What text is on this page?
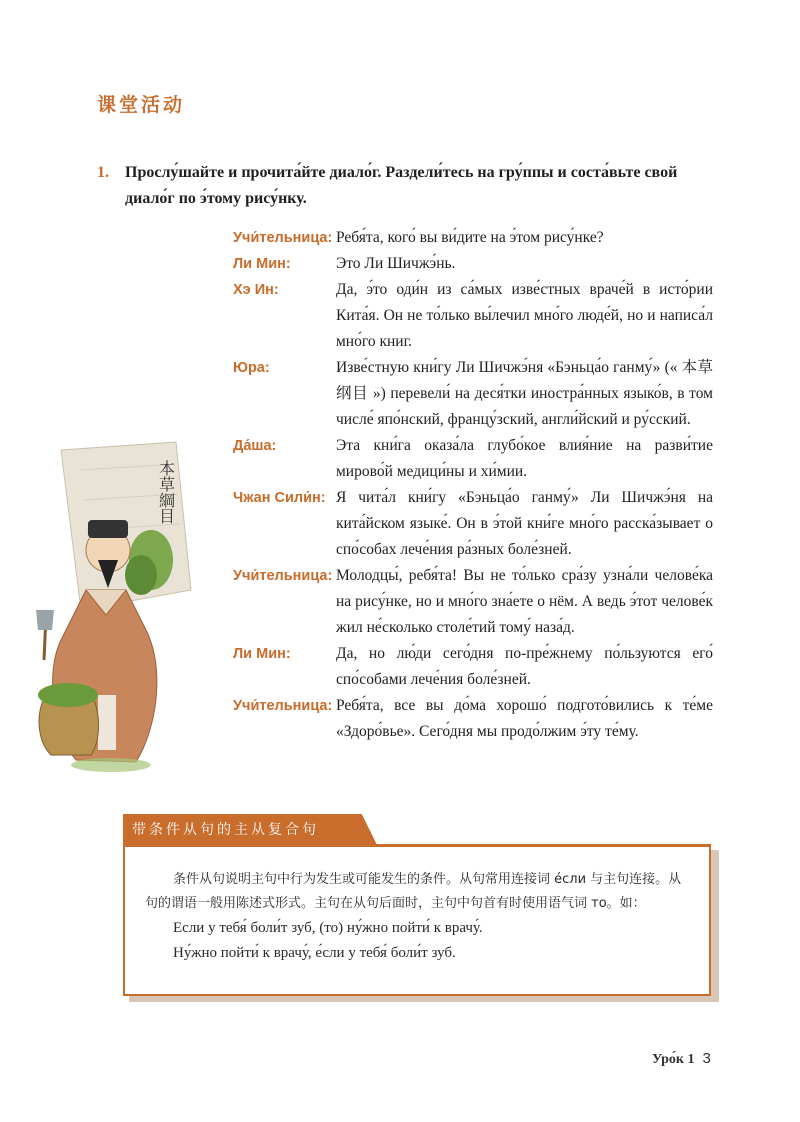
课堂活动
1. Прослу́шайте и прочита́йте диало́г. Раздели́тесь на гру́ппы и соста́вьте свой диало́г по э́тому рису́нку.
本草綱目
Учи́тельница: Ребя́та, кого́ вы ви́дите на э́том рису́нке?
Ли Мин:	Это Ли Шичжэ́нь.
Хэ Ин:	Да, э́то оди́н из са́мых изве́стных враче́й в исто́рии Кита́я. Он не то́лько вы́лечил мно́го люде́й, но и написа́л мно́го книг.
Юра:	Изве́стную кни́гу Ли Шичжэ́ня «Бэньца́о ганму́» (« 本草纲目 ») перевели́ на деся́тки иностра́нных языко́в, в том числе́ япо́нский, францу́зский, англи́йский и ру́сский.
Да́ша:	Эта кни́га оказа́ла глубо́кое влия́ние на разви́тие мирово́й медици́ны и хи́мии.
Чжан Сили́н: Я чита́л кни́гу «Бэньца́о ганму́» Ли Шичжэ́ня на кита́йском языке́. Он в э́той кни́ге мно́го расска́зывает о спо́собах лече́ния ра́зных боле́зней.
Учи́тельница: Молодцы́, ребя́та! Вы не то́лько сра́зу узна́ли челове́ка на рису́нке, но и мно́го зна́ете о нём. А ведь э́тот челове́к жил не́сколько столе́тий тому́ наза́д.
Ли Мин:	Да, но лю́ди сего́дня по-пре́жнему по́льзуются его́ спо́собами лече́ния боле́зней.
Учи́тельница: Ребя́та, все вы до́ма хорошо́ подгото́вились к те́ме «Здоро́вье». Сего́дня мы продо́лжим э́ту те́му.
带条件从句的主从复合句

条件从句说明主句中行为发生或可能发生的条件。从句常用连接词 е́сли 与主句连接。从句的谓语一般用陈述式形式。主句在从句后面时，主句中句首有时使用语气词 то。如：

Если у тебя́ боли́т зуб, (то) ну́жно пойти́ к врачу́.

Ну́жно пойти́ к врачу́, е́сли у тебя́ боли́т зуб.

Уро́к 1 3
